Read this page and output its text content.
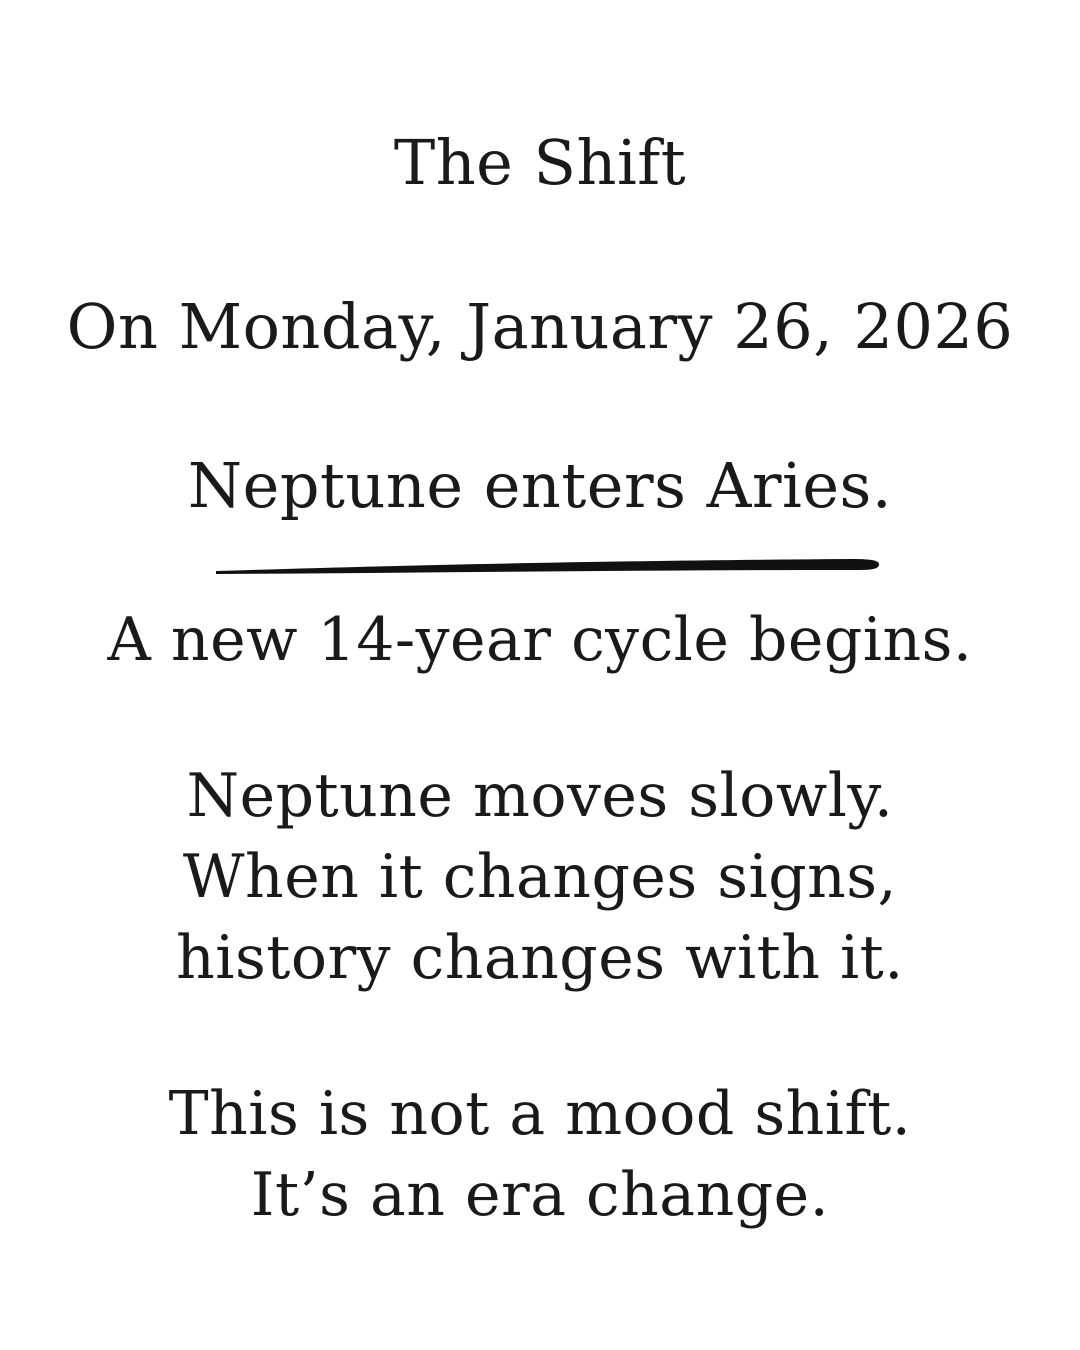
The Shift
On Monday, January 26, 2026
Neptune enters Aries.
A new 14-year cycle begins.
Neptune moves slowly.
When it changes signs,
history changes with it.
This is not a mood shift.
It’s an era change.
